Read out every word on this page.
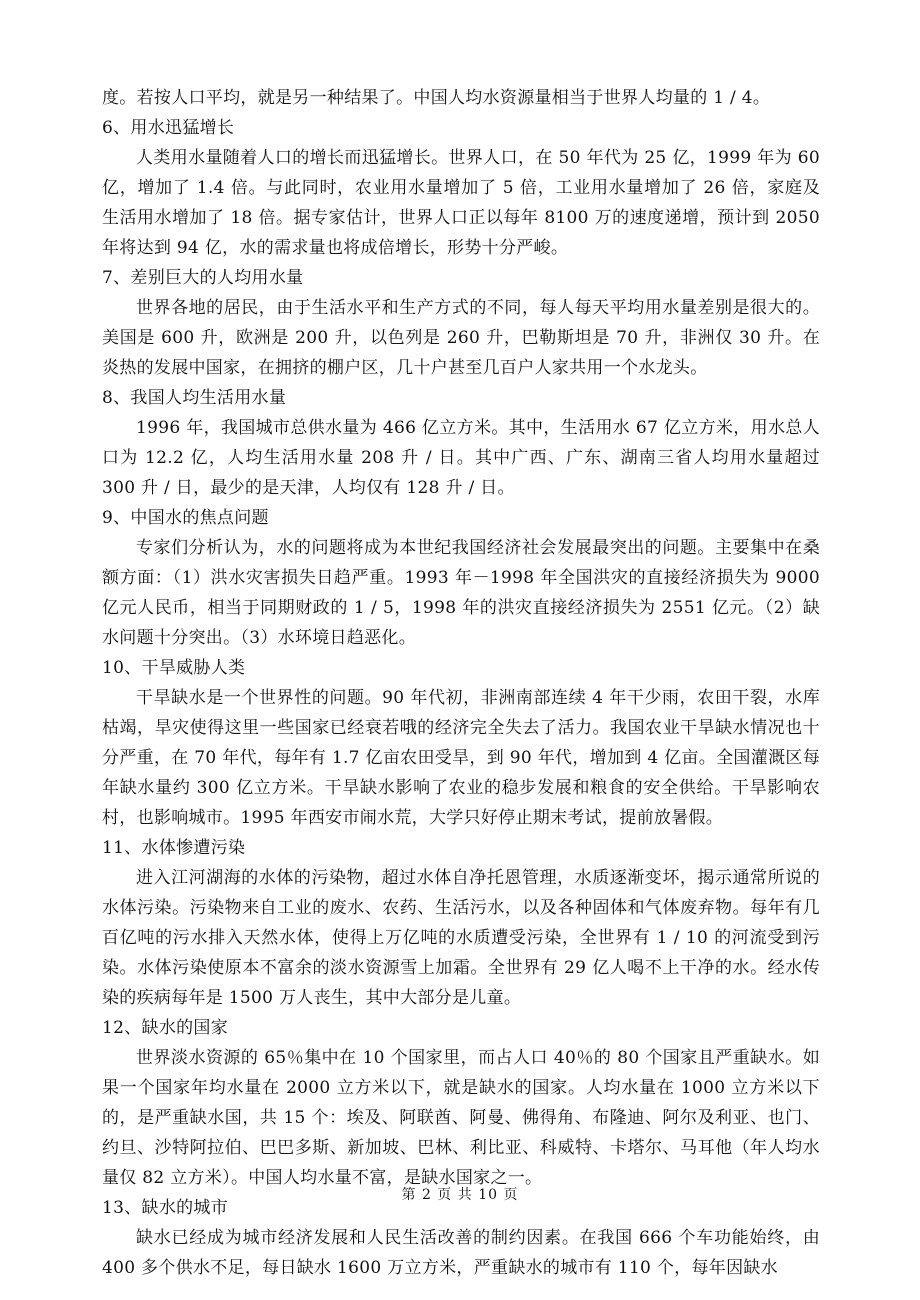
度。若按人口平均，就是另一种结果了。中国人均水资源量相当于世界人均量的 1 / 4。

6、用水迅猛增长

人类用水量随着人口的增长而迅猛增长。世界人口，在 50 年代为 25 亿，1999 年为 60 亿，增加了 1.4 倍。与此同时，农业用水量增加了 5 倍，工业用水量增加了 26 倍，家庭及生活用水增加了 18 倍。据专家估计，世界人口正以每年 8100 万的速度递增，预计到 2050 年将达到 94 亿，水的需求量也将成倍增长，形势十分严峻。

7、差别巨大的人均用水量

世界各地的居民，由于生活水平和生产方式的不同，每人每天平均用水量差别是很大的。美国是 600 升，欧洲是 200 升，以色列是 260 升，巴勒斯坦是 70 升，非洲仅 30 升。在炎热的发展中国家，在拥挤的棚户区，几十户甚至几百户人家共用一个水龙头。

8、我国人均生活用水量

1996 年，我国城市总供水量为 466 亿立方米。其中，生活用水 67 亿立方米，用水总人口为 12.2 亿，人均生活用水量 208 升 / 日。其中广西、广东、湖南三省人均用水量超过 300 升 / 日，最少的是天津，人均仅有 128 升 / 日。

9、中国水的焦点问题

专家们分析认为，水的问题将成为本世纪我国经济社会发展最突出的问题。主要集中在桑额方面：（1）洪水灾害损失日趋严重。1993 年－1998 年全国洪灾的直接经济损失为 9000 亿元人民币，相当于同期财政的 1 / 5，1998 年的洪灾直接经济损失为 2551 亿元。（2）缺水问题十分突出。（3）水环境日趋恶化。

10、干旱威胁人类

干旱缺水是一个世界性的问题。90 年代初，非洲南部连续 4 年干少雨，农田干裂，水库枯竭，旱灾使得这里一些国家已经衰若哦的经济完全失去了活力。我国农业干旱缺水情况也十分严重，在 70 年代，每年有 1.7 亿亩农田受旱，到 90 年代，增加到 4 亿亩。全国灌溉区每年缺水量约 300 亿立方米。干旱缺水影响了农业的稳步发展和粮食的安全供给。干旱影响农村，也影响城市。1995 年西安市闹水荒，大学只好停止期末考试，提前放暑假。

11、水体惨遭污染

进入江河湖海的水体的污染物，超过水体自净托恩管理，水质逐渐变坏，揭示通常所说的水体污染。污染物来自工业的废水、农药、生活污水，以及各种固体和气体废弃物。每年有几百亿吨的污水排入天然水体，使得上万亿吨的水质遭受污染，全世界有 1 / 10 的河流受到污染。水体污染使原本不富余的淡水资源雪上加霜。全世界有 29 亿人喝不上干净的水。经水传染的疾病每年是 1500 万人丧生，其中大部分是儿童。

12、缺水的国家

世界淡水资源的 65％集中在 10 个国家里，而占人口 40％的 80 个国家且严重缺水。如果一个国家年均水量在 2000 立方米以下，就是缺水的国家。人均水量在 1000 立方米以下的，是严重缺水国，共 15 个：埃及、阿联酋、阿曼、佛得角、布隆迪、阿尔及利亚、也门、约旦、沙特阿拉伯、巴巴多斯、新加坡、巴林、利比亚、科威特、卡塔尔、马耳他（年人均水量仅 82 立方米）。中国人均水量不富，是缺水国家之一。

13、缺水的城市

缺水已经成为城市经济发展和人民生活改善的制约因素。在我国 666 个车功能始终，由 400 多个供水不足，每日缺水 1600 万立方米，严重缺水的城市有 110 个，每年因缺水

第 2 页 共 10 页
